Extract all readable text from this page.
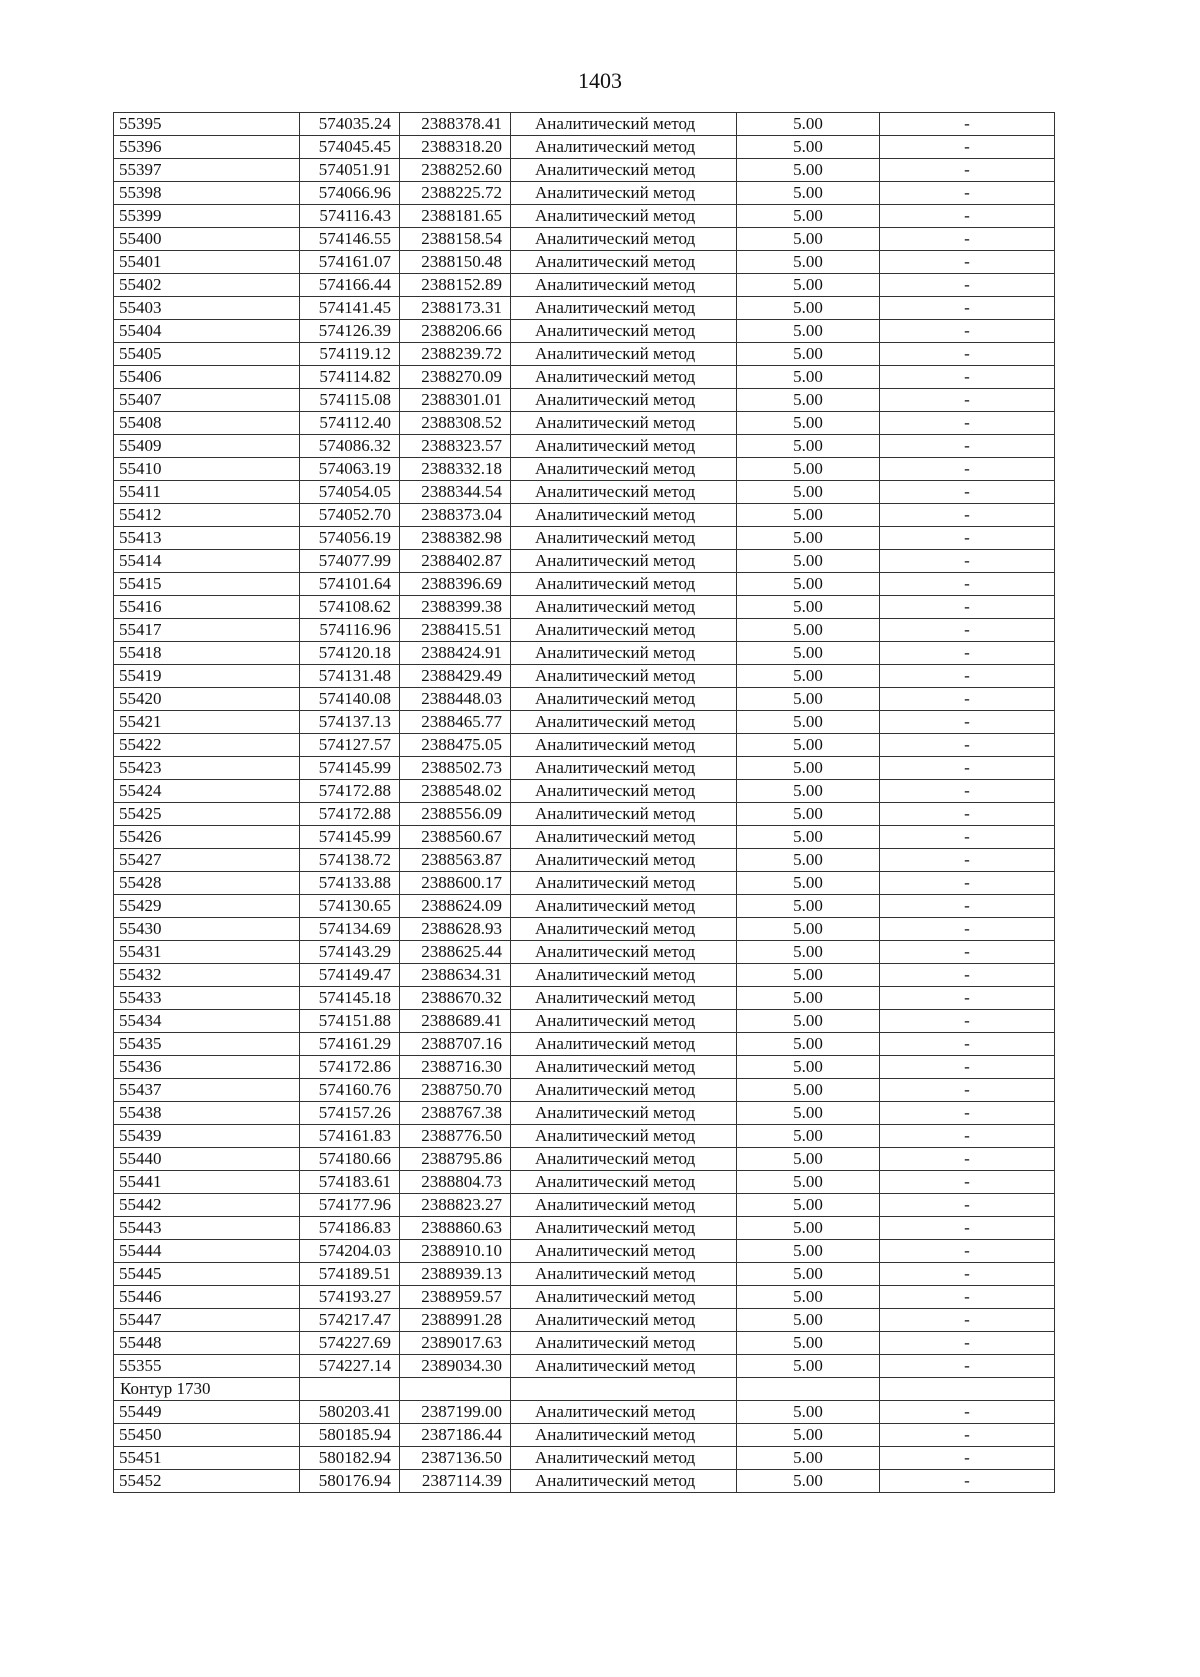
1403
55395	574035.24	2388378.41	Аналитический метод	5.00	-
55396	574045.45	2388318.20	Аналитический метод	5.00	-
55397	574051.91	2388252.60	Аналитический метод	5.00	-
55398	574066.96	2388225.72	Аналитический метод	5.00	-
55399	574116.43	2388181.65	Аналитический метод	5.00	-
55400	574146.55	2388158.54	Аналитический метод	5.00	-
55401	574161.07	2388150.48	Аналитический метод	5.00	-
55402	574166.44	2388152.89	Аналитический метод	5.00	-
55403	574141.45	2388173.31	Аналитический метод	5.00	-
55404	574126.39	2388206.66	Аналитический метод	5.00	-
55405	574119.12	2388239.72	Аналитический метод	5.00	-
55406	574114.82	2388270.09	Аналитический метод	5.00	-
55407	574115.08	2388301.01	Аналитический метод	5.00	-
55408	574112.40	2388308.52	Аналитический метод	5.00	-
55409	574086.32	2388323.57	Аналитический метод	5.00	-
55410	574063.19	2388332.18	Аналитический метод	5.00	-
55411	574054.05	2388344.54	Аналитический метод	5.00	-
55412	574052.70	2388373.04	Аналитический метод	5.00	-
55413	574056.19	2388382.98	Аналитический метод	5.00	-
55414	574077.99	2388402.87	Аналитический метод	5.00	-
55415	574101.64	2388396.69	Аналитический метод	5.00	-
55416	574108.62	2388399.38	Аналитический метод	5.00	-
55417	574116.96	2388415.51	Аналитический метод	5.00	-
55418	574120.18	2388424.91	Аналитический метод	5.00	-
55419	574131.48	2388429.49	Аналитический метод	5.00	-
55420	574140.08	2388448.03	Аналитический метод	5.00	-
55421	574137.13	2388465.77	Аналитический метод	5.00	-
55422	574127.57	2388475.05	Аналитический метод	5.00	-
55423	574145.99	2388502.73	Аналитический метод	5.00	-
55424	574172.88	2388548.02	Аналитический метод	5.00	-
55425	574172.88	2388556.09	Аналитический метод	5.00	-
55426	574145.99	2388560.67	Аналитический метод	5.00	-
55427	574138.72	2388563.87	Аналитический метод	5.00	-
55428	574133.88	2388600.17	Аналитический метод	5.00	-
55429	574130.65	2388624.09	Аналитический метод	5.00	-
55430	574134.69	2388628.93	Аналитический метод	5.00	-
55431	574143.29	2388625.44	Аналитический метод	5.00	-
55432	574149.47	2388634.31	Аналитический метод	5.00	-
55433	574145.18	2388670.32	Аналитический метод	5.00	-
55434	574151.88	2388689.41	Аналитический метод	5.00	-
55435	574161.29	2388707.16	Аналитический метод	5.00	-
55436	574172.86	2388716.30	Аналитический метод	5.00	-
55437	574160.76	2388750.70	Аналитический метод	5.00	-
55438	574157.26	2388767.38	Аналитический метод	5.00	-
55439	574161.83	2388776.50	Аналитический метод	5.00	-
55440	574180.66	2388795.86	Аналитический метод	5.00	-
55441	574183.61	2388804.73	Аналитический метод	5.00	-
55442	574177.96	2388823.27	Аналитический метод	5.00	-
55443	574186.83	2388860.63	Аналитический метод	5.00	-
55444	574204.03	2388910.10	Аналитический метод	5.00	-
55445	574189.51	2388939.13	Аналитический метод	5.00	-
55446	574193.27	2388959.57	Аналитический метод	5.00	-
55447	574217.47	2388991.28	Аналитический метод	5.00	-
55448	574227.69	2389017.63	Аналитический метод	5.00	-
55355	574227.14	2389034.30	Аналитический метод	5.00	-
Контур 1730					
55449	580203.41	2387199.00	Аналитический метод	5.00	-
55450	580185.94	2387186.44	Аналитический метод	5.00	-
55451	580182.94	2387136.50	Аналитический метод	5.00	-
55452	580176.94	2387114.39	Аналитический метод	5.00	-
